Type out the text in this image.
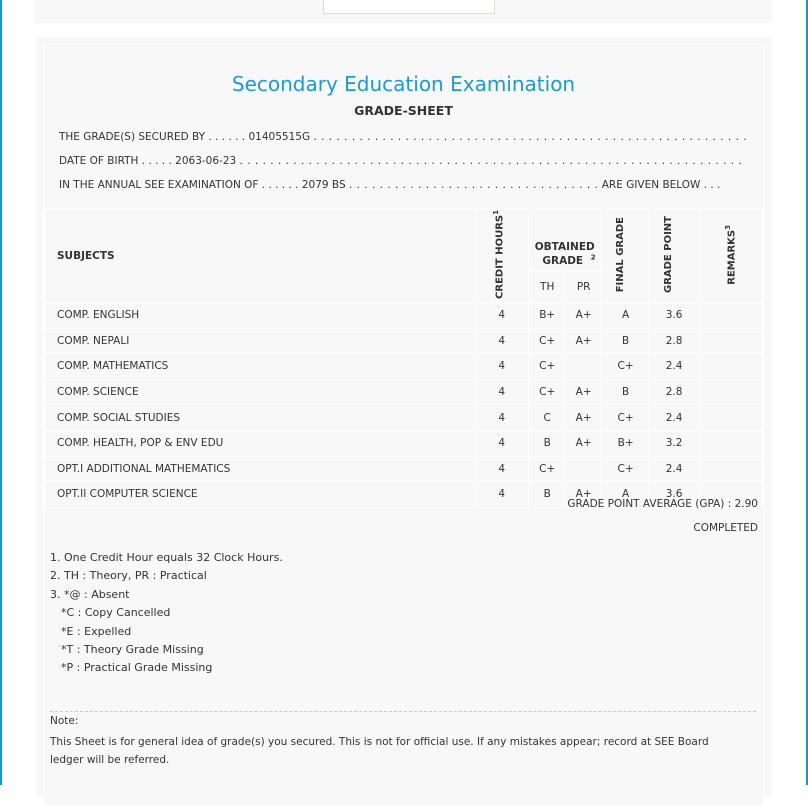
Secondary Education Examination
GRADE-SHEET
THE GRADE(S) SECURED BY . . . . . . 01405515G . . . . . . . . . . . . . . . . . . . . . . . . . . . . . . . . . . . . . . . . . . . . . . . . . . . . . . . . .
DATE OF BIRTH . . . . . 2063-06-23 . . . . . . . . . . . . . . . . . . . . . . . . . . . . . . . . . . . . . . . . . . . . . . . . . . . . . . . . . . . . . . . . . .
IN THE ANNUAL SEE EXAMINATION OF . . . . . . 2079 BS . . . . . . . . . . . . . . . . . . . . . . . . . . . . . . . . . ARE GIVEN BELOW . . .
SUBJECTS	CREDIT HOURS$^1$	OBTAINED GRADE $^2$		FINAL GRADE	GRADE POINT	REMARKS$^3$
		TH	PR			
COMP. ENGLISH	4	B+	A+	A	3.6	
COMP. NEPALI	4	C+	A+	B	2.8	
COMP. MATHEMATICS	4	C+		C+	2.4	
COMP. SCIENCE	4	C+	A+	B	2.8	
COMP. SOCIAL STUDIES	4	C	A+	C+	2.4	
COMP. HEALTH, POP & ENV EDU	4	B	A+	B+	3.2	
OPT.I ADDITIONAL MATHEMATICS	4	C+		C+	2.4	
OPT.II COMPUTER SCIENCE	4	B	A+	A	3.6	
GRADE POINT AVERAGE (GPA) : 2.90
COMPLETED
1. One Credit Hour equals 32 Clock Hours.
2. TH : Theory, PR : Practical
3. *@ : Absent
*C : Copy Cancelled
*E : Expelled
*T : Theory Grade Missing
*P : Practical Grade Missing
Note:
This Sheet is for general idea of grade(s) you secured. This is not for official use. If any mistakes appear; record at SEE Board ledger will be referred.
